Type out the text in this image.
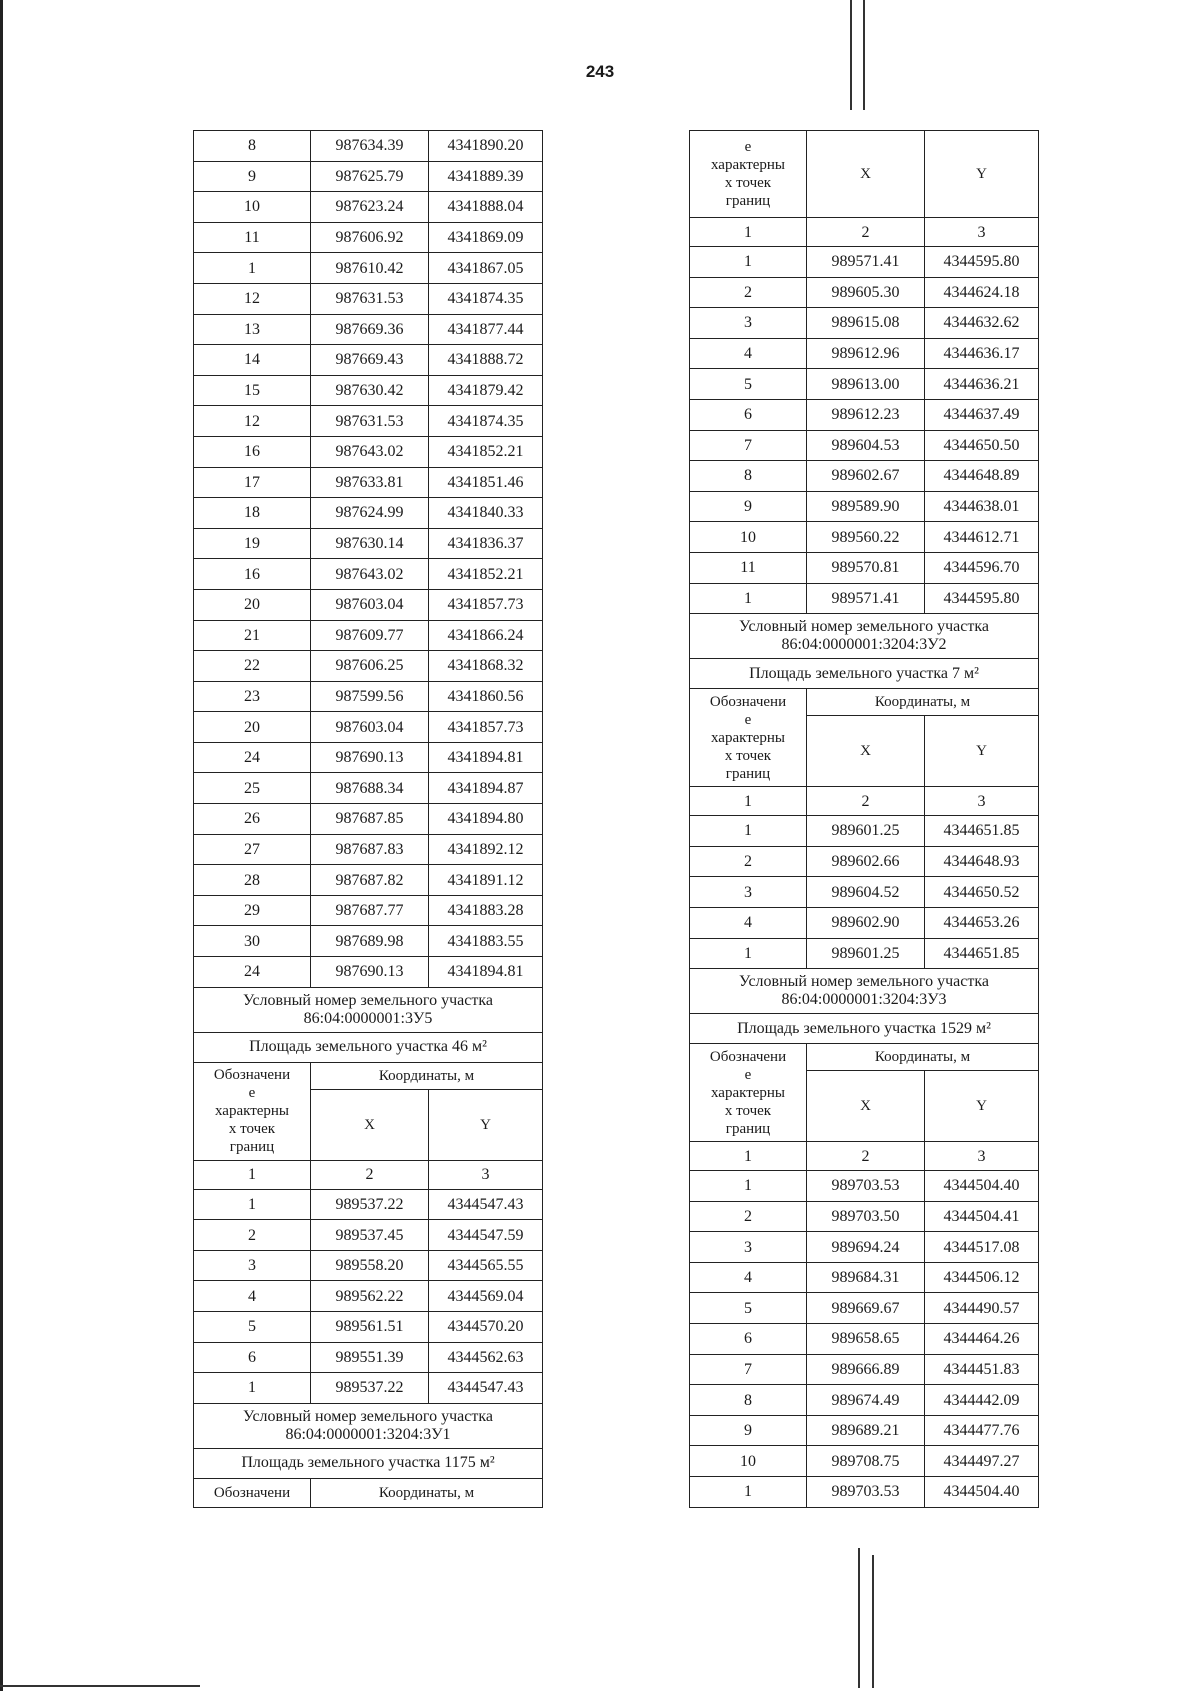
243
8	987634.39	4341890.20
9	987625.79	4341889.39
10	987623.24	4341888.04
11	987606.92	4341869.09
1	987610.42	4341867.05
12	987631.53	4341874.35
13	987669.36	4341877.44
14	987669.43	4341888.72
15	987630.42	4341879.42
12	987631.53	4341874.35
16	987643.02	4341852.21
17	987633.81	4341851.46
18	987624.99	4341840.33
19	987630.14	4341836.37
16	987643.02	4341852.21
20	987603.04	4341857.73
21	987609.77	4341866.24
22	987606.25	4341868.32
23	987599.56	4341860.56
20	987603.04	4341857.73
24	987690.13	4341894.81
25	987688.34	4341894.87
26	987687.85	4341894.80
27	987687.83	4341892.12
28	987687.82	4341891.12
29	987687.77	4341883.28
30	987689.98	4341883.55
24	987690.13	4341894.81
Условный номер земельного участка
86:04:0000001:3У5		
Площадь земельного участка 46 м²		
Обозначени
е
характерны
х точек
границ	Координаты, м	
	X	Y
1	2	3
1	989537.22	4344547.43
2	989537.45	4344547.59
3	989558.20	4344565.55
4	989562.22	4344569.04
5	989561.51	4344570.20
6	989551.39	4344562.63
1	989537.22	4344547.43
Условный номер земельного участка
86:04:0000001:3204:3У1		
Площадь земельного участка 1175 м²		
Обозначени	Координаты, м	
е
характерны
х точек
границ	X	Y
1	2	3
1	989571.41	4344595.80
2	989605.30	4344624.18
3	989615.08	4344632.62
4	989612.96	4344636.17
5	989613.00	4344636.21
6	989612.23	4344637.49
7	989604.53	4344650.50
8	989602.67	4344648.89
9	989589.90	4344638.01
10	989560.22	4344612.71
11	989570.81	4344596.70
1	989571.41	4344595.80
Условный номер земельного участка
86:04:0000001:3204:3У2		
Площадь земельного участка 7 м²		
Обозначени
е
характерны
х точек
границ	Координаты, м	
	X	Y
1	2	3
1	989601.25	4344651.85
2	989602.66	4344648.93
3	989604.52	4344650.52
4	989602.90	4344653.26
1	989601.25	4344651.85
Условный номер земельного участка
86:04:0000001:3204:3У3		
Площадь земельного участка 1529 м²		
Обозначени
е
характерны
х точек
границ	Координаты, м	
	X	Y
1	2	3
1	989703.53	4344504.40
2	989703.50	4344504.41
3	989694.24	4344517.08
4	989684.31	4344506.12
5	989669.67	4344490.57
6	989658.65	4344464.26
7	989666.89	4344451.83
8	989674.49	4344442.09
9	989689.21	4344477.76
10	989708.75	4344497.27
1	989703.53	4344504.40
